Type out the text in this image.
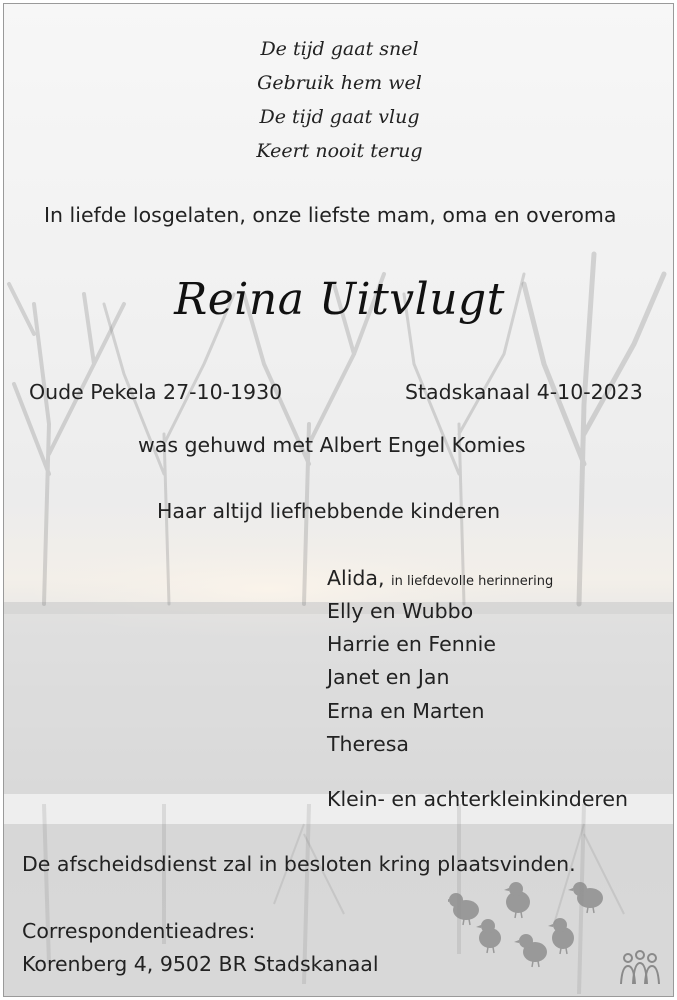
De tijd gaat snel
Gebruik hem wel
De tijd gaat vlug
Keert nooit terug
In liefde losgelaten, onze liefste mam, oma en overoma
Reina Uitvlugt
Oude Pekela 27-10-1930	Stadskanaal 4-10-2023
was gehuwd met Albert Engel Komies
Haar altijd liefhebbende kinderen
Alida, in liefdevolle herinnering
Elly en Wubbo
Harrie en Fennie
Janet en Jan
Erna en Marten
Theresa
Klein- en achterkleinkinderen
De afscheidsdienst zal in besloten kring plaatsvinden.
Correspondentieadres:
Korenberg 4, 9502 BR Stadskanaal
